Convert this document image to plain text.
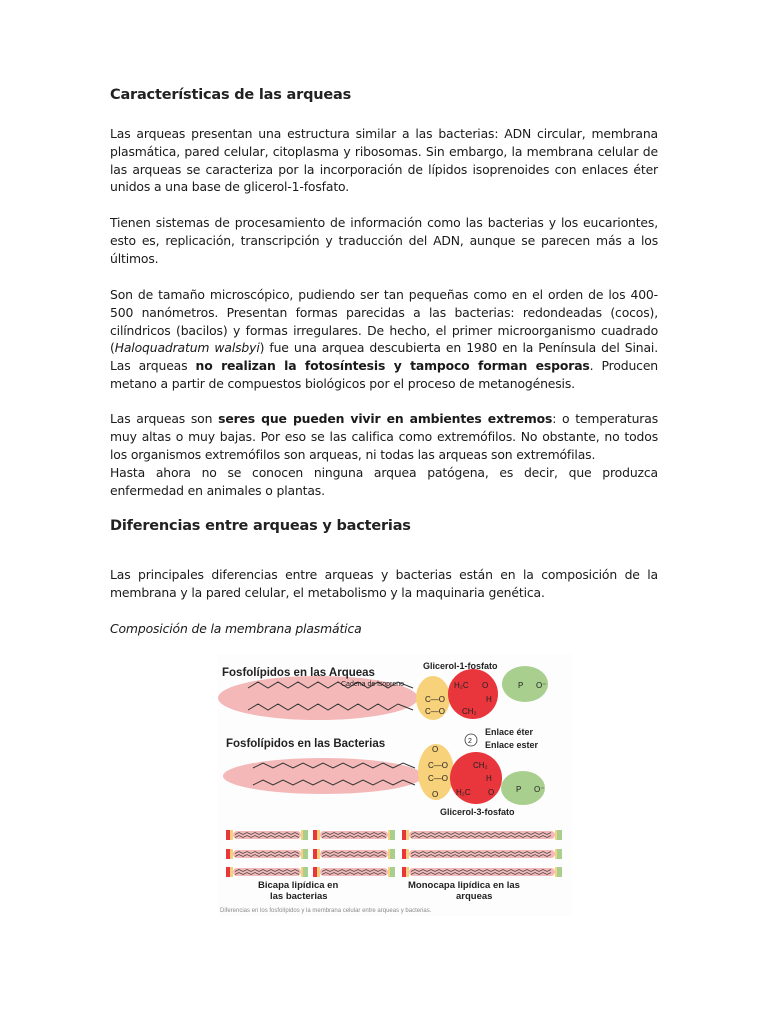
Características de las arqueas

Las arqueas presentan una estructura similar a las bacterias: ADN circular, membrana plasmática, pared celular, citoplasma y ribosomas. Sin embargo, la membrana celular de las arqueas se caracteriza por la incorporación de lípidos isoprenoides con enlaces éter unidos a una base de glicerol-1-fosfato.

Tienen sistemas de procesamiento de información como las bacterias y los eucariontes, esto es, replicación, transcripción y traducción del ADN, aunque se parecen más a los últimos.

Son de tamaño microscópico, pudiendo ser tan pequeñas como en el orden de los 400-500 nanómetros. Presentan formas parecidas a las bacterias: redondeadas (cocos), cilíndricos (bacilos) y formas irregulares. De hecho, el primer microorganismo cuadrado (Haloquadratum walsbyi) fue una arquea descubierta en 1980 en la Península del Sinai. Las arqueas no realizan la fotosíntesis y tampoco forman esporas. Producen metano a partir de compuestos biológicos por el proceso de metanogénesis.

Las arqueas son seres que pueden vivir en ambientes extremos: o temperaturas muy altas o muy bajas. Por eso se las califica como extremófilos. No obstante, no todos los organismos extremófilos son arqueas, ni todas las arqueas son extremófilas.

Hasta ahora no se conocen ninguna arquea patógena, es decir, que produzca enfermedad en animales o plantas.

Diferencias entre arqueas y bacterias

Las principales diferencias entre arqueas y bacterias están en la composición de la membrana y la pared celular, el metabolismo y la maquinaria genética.

Composición de la membrana plasmática

Fosfolípidos en las Arqueas
Cadena de isopreno
Glicerol-1-fosfato
H₂C O	P O⁻
C—O
C—O CH₂
H
Enlace éter
2 Enlace ester
Fosfolípidos en las Bacterias	O
C—O
C—O
O
CH₂
H
H₂C O	P O⁻
Glicerol-3-fosfato
Bicapa lipídica en
las bacterias
Monocapa lipídica en las
arqueas
Diferencias en los fosfolípidos y la membrana celular entre arqueas y bacterias.
